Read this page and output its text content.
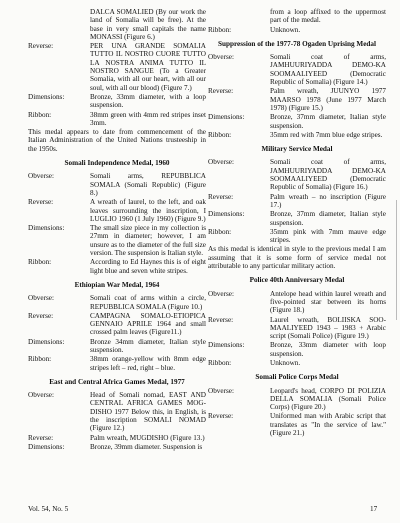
DALCA SOMALIED (By our work the land of Somalia will be free). At the base in very small capitals the name MONASSI (Figure 6.)
Reverse:	PER UNA GRANDE SOMALIA TUTTO IL NOSTRO CUORE TUTTO LA NOSTRA ANIMA TUTTO IL NOSTRO SANGUE (To a Greater Somalia, with all our heart, with all our soul, with all our blood) (Figure 7.)
Dimensions:	Bronze, 33mm diameter, with a loop suspension.
Ribbon:	38mm green with 4mm red stripes inset 3mm.
This medal appears to date from commencement of the Italian Administration of the United Nations trusteeship in the 1950s.
Somali Independence Medal, 1960
Obverse:	Somali arms, REPUBBLICA SOMALA (Somali Republic) (Figure 8.)
Reverse:	A wreath of laurel, to the left, and oak leaves surrounding the inscription, I LUGLIO 1960 (1 July 1960) (Figure 9.)
Dimensions:	The small size piece in my collection is 27mm in diameter; however, I am unsure as to the diameter of the full size version. The suspension is Italian style.
Ribbon:	According to Ed Haynes this is of eight light blue and seven white stripes.
Ethiopian War Medal, 1964
Obverse:	Somali coat of arms within a circle, REPUBBLICA SOMALA (Figure 10.)
Reverse:	CAMPAGNA SOMALO-ETIOPICA GENNAIO APRILE 1964 and small crossed palm leaves (Figure11.)
Dimensions:	Bronze 34mm diameter, Italian style suspension.
Ribbon:	38mm orange-yellow with 8mm edge stripes left – red, right – blue.
East and Central Africa Games Medal, 1977
Obverse:	Head of Somali nomad, EAST AND CENTRAL AFRICA GAMES MOG-DISHO 1977 Below this, in English, is the inscription SOMALI NOMAD (Figure 12.)
Reverse:	Palm wreath, MUGDISHO (Figure 13.)
Dimensions:	Bronze, 39mm diameter. Suspension is
from a loop affixed to the uppermost part of the medal.
Ribbon:	Unknown.
Suppression of the 1977-78 Ogaden Uprising Medal
Obverse:	Somali coat of arms, JAMHUURIYADDA DEMO-KA SOOMAALIYEED (Democratic Republic of Somalia) (Figure 14.)
Reverse:	Palm wreath, JUUNYO 1977 MAARSO 1978 (June 1977 March 1978) (Figure 15.)
Dimensions:	Bronze, 37mm diameter, Italian style suspension.
Ribbon:	35mm red with 7mm blue edge stripes.
Military Service Medal
Obverse:	Somali coat of arms, JAMHUURIYADDA DEMO-KA SOOMAALIYEED (Democratic Republic of Somalia) (Figure 16.)
Reverse:	Palm wreath – no inscription (Figure 17.)
Dimensions:	Bronze, 37mm diameter, Italian style suspension.
Ribbon:	35mm pink with 7mm mauve edge stripes.
As this medal is identical in style to the previous medal I am assuming that it is some form of service medal not attributable to any particular military action.
Police 40th Anniversary Medal
Obverse:	Antelope head within laurel wreath and five-pointed star between its horns (Figure 18.)
Reverse:	Laurel wreath, BOLIISKA SOO-MAALIYEED 1943 – 1983 + Arabic script (Somali Police) (Figure 19.)
Dimensions:	Bronze, 33mm diameter with loop suspension.
Ribbon:	Unknown.
Somali Police Corps Medal
Obverse:	Leopard's head, CORPO DI POLIZIA DELLA SOMALIA (Somali Police Corps) (Figure 20.)
Reverse:	Uniformed man with Arabic script that translates as "In the service of law." (Figure 21.)
Vol. 54, No. 5	17
